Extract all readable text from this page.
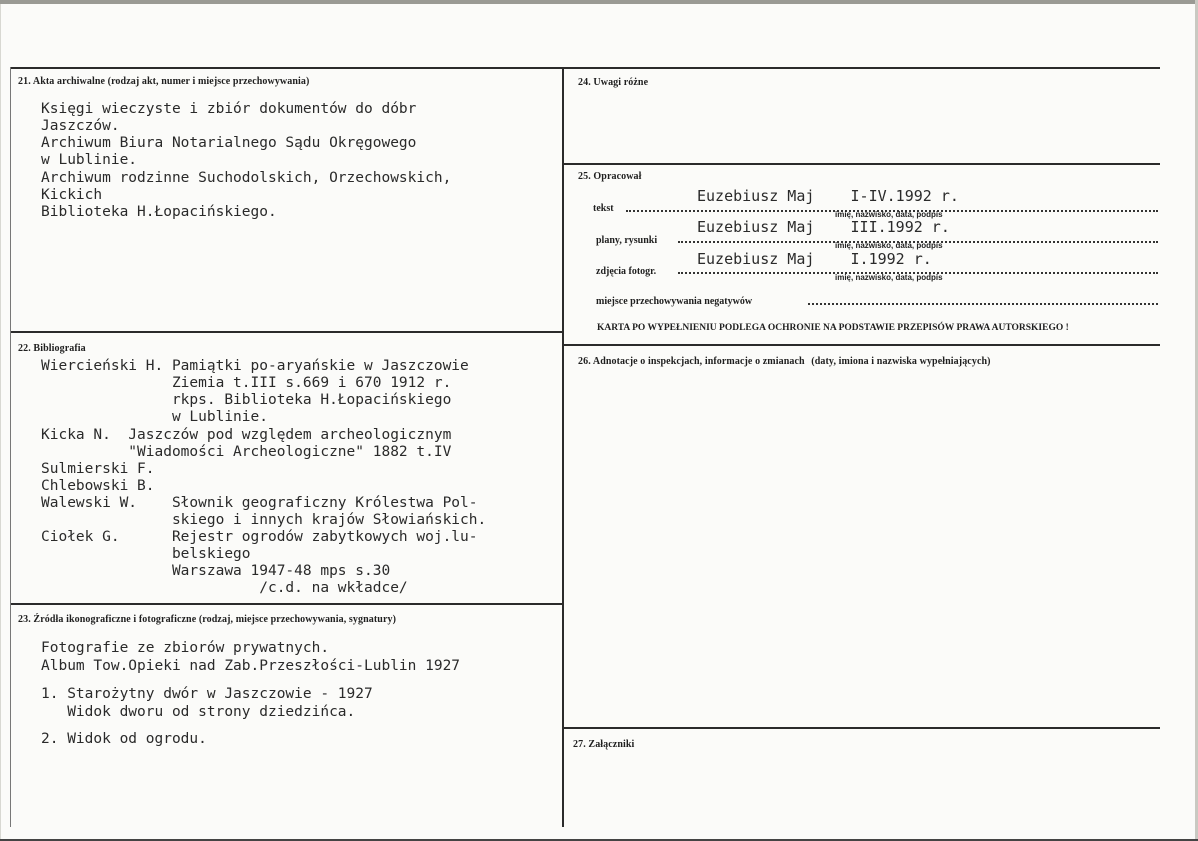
21. Akta archiwalne (rodzaj akt, numer i miejsce przechowywania)
Księgi wieczyste i zbiór dokumentów do dóbr
Jaszczów.
Archiwum Biura Notarialnego Sądu Okręgowego
w Lublinie.
Archiwum rodzinne Suchodolskich, Orzechowskich,
Kickich
Biblioteka H.Łopacińskiego.
22. Bibliografia
Wiercieński H. Pamiątki po-aryańskie w Jaszczowie
Ziemia t.III s.669 i 670 1912 r.
rkps. Biblioteka H.Łopacińskiego
w Lublinie.
Kicka N.  Jaszczów pod względem archeologicznym
"Wiadomości Archeologiczne" 1882 t.IV
Sulmierski F.
Chlebowski B.
Walewski W.    Słownik geograficzny Królestwa Pol-
skiego i innych krajów Słowiańskich.
Ciołek G.      Rejestr ogrodów zabytkowych woj.lu-
belskiego
Warszawa 1947-48 mps s.30
/c.d. na wkładce/
23. Źródła ikonograficzne i fotograficzne (rodzaj, miejsce przechowywania, sygnatury)
Fotografie ze zbiorów prywatnych.
Album Tow.Opieki nad Zab.Przeszłości-Lublin 1927
1. Starożytny dwór w Jaszczowie - 1927
Widok dworu od strony dziedzińca.
2. Widok od ogrodu.
24. Uwagi różne
25. Opracował
tekst
Euzebiusz Maj    I-IV.1992 r.
imię, nazwisko, data, podpis
plany, rysunki
Euzebiusz Maj    III.1992 r.
imię, nazwisko, data, podpis
zdjęcia fotogr.
Euzebiusz Maj    I.1992 r.
imię, nazwisko, data, podpis
miejsce przechowywania negatywów
KARTA PO WYPEŁNIENIU PODLEGA OCHRONIE NA PODSTAWIE PRZEPISÓW PRAWA AUTORSKIEGO !
26. Adnotacje o inspekcjach, informacje o zmianach (daty, imiona i nazwiska wypełniających)
27. Załączniki
